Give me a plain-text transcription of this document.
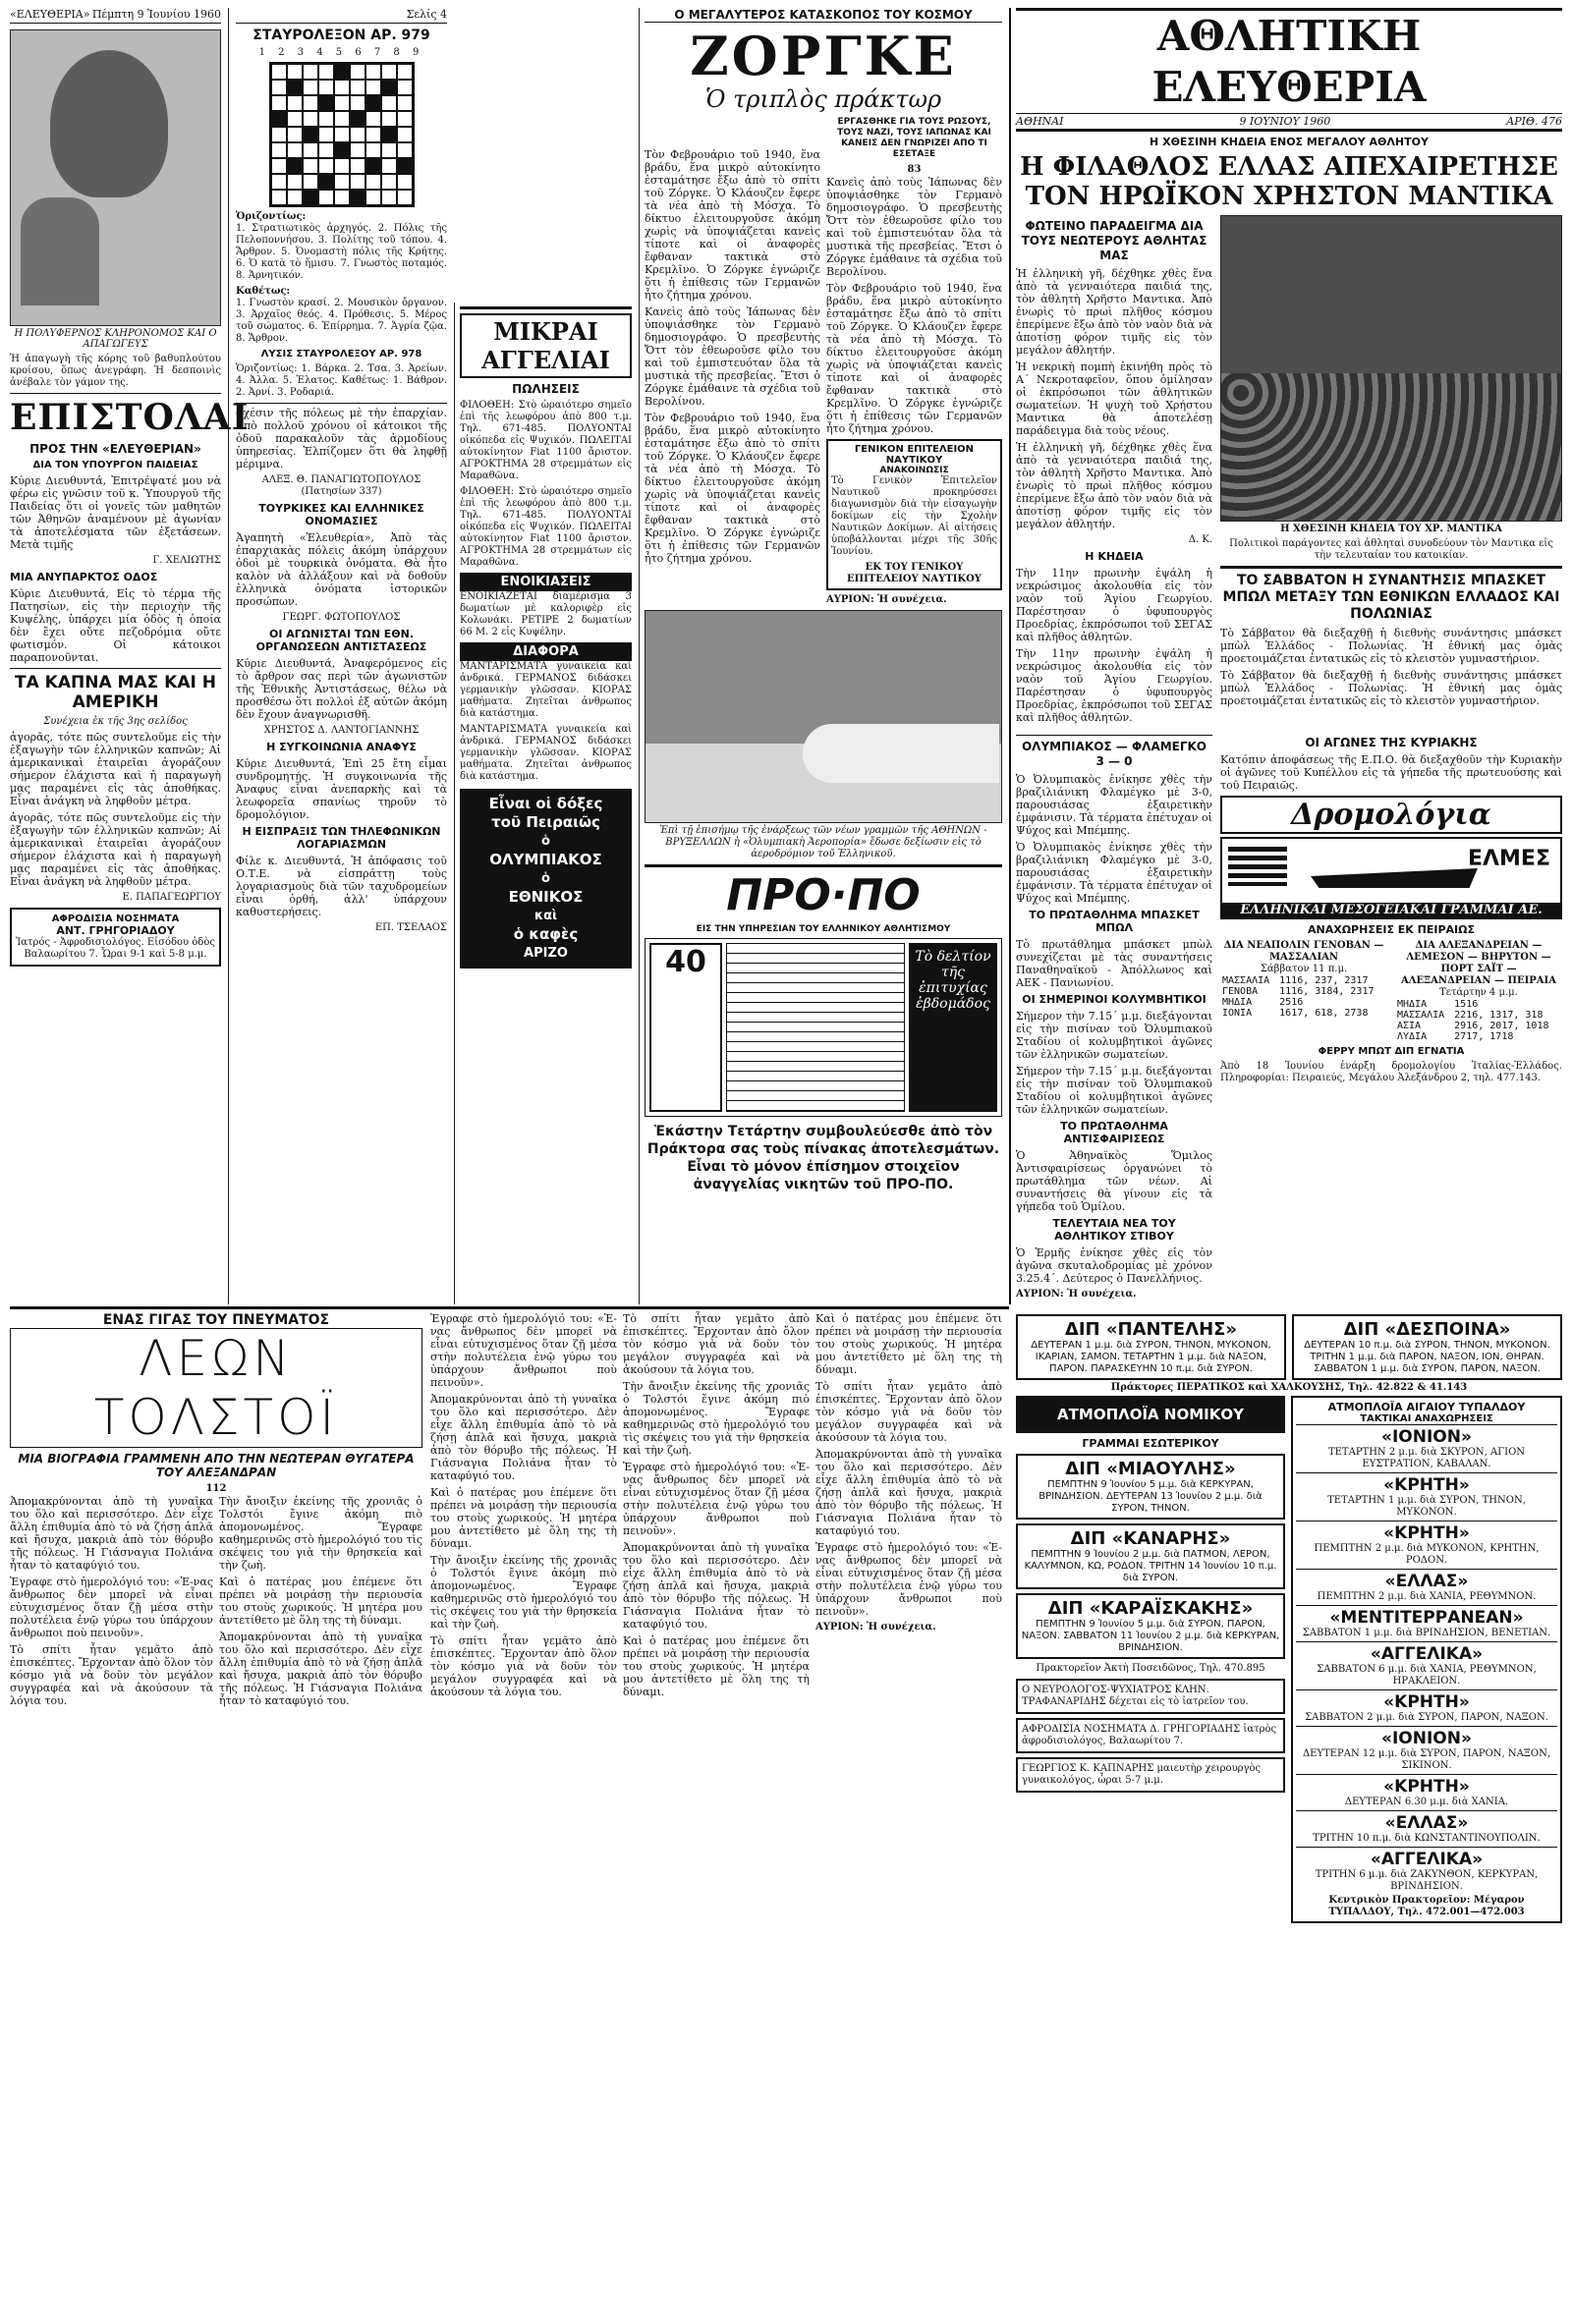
«ΕΛΕΥΘΕΡΙΑ» Πέμπτη 9 Ἰουνίου 1960
Η ΠΟΛΥΦΕΡΝΟΣ ΚΛΗΡΟΝΟΜΟΣ ΚΑΙ Ο ΑΠΑΓΩΓΕΥΣ

Ἡ ἀπαγωγὴ τῆς κόρης τοῦ βαθυπλούτου κροίσου, ὅπως ἀνεγράφη. Ἡ δεσποινὶς ἀνέβαλε τὸν γάμον της.

ΕΠΙΣΤΟΛΑΙ
ΠΡΟΣ ΤΗΝ «ΕΛΕΥΘΕΡΙΑΝ»
ΔΙΑ ΤΟΝ ΥΠΟΥΡΓΟΝ ΠΑΙΔΕΙΑΣ

Κύριε Διευθυντά, Ἐπιτρέψατέ μου νὰ φέρω εἰς γνῶσιν τοῦ κ. Ὑπουργοῦ τῆς Παιδείας ὅτι οἱ γονεῖς τῶν μαθητῶν τῶν Ἀθηνῶν ἀναμένουν μὲ ἀγωνίαν τὰ ἀποτελέσματα τῶν ἐξετάσεων. Μετὰ τιμῆς

Γ. ΧΕΛΙΩΤΗΣ

ΜΙΑ ΑΝΥΠΑΡΚΤΟΣ ΟΔΟΣ

Κύριε Διευθυντά, Εἰς τὸ τέρμα τῆς Πατησίων, εἰς τὴν περιοχὴν τῆς Κυψέλης, ὑπάρχει μία ὁδὸς ἡ ὁποία δὲν ἔχει οὔτε πεζοδρόμια οὔτε φωτισμόν. Οἱ κάτοικοι παραπονοῦνται.

ΤΑ ΚΑΠΝΑ ΜΑΣ ΚΑΙ Η ΑΜΕΡΙΚΗ
Συνέχεια ἐκ τῆς 3ης σελίδος

ἀγορᾶς, τότε πῶς συντελοῦμε εἰς τὴν ἐξαγωγὴν τῶν ἑλληνικῶν καπνῶν; Αἱ ἀμερικανικαὶ ἑταιρεῖαι ἀγοράζουν σήμερον ἐλάχιστα καὶ ἡ παραγωγὴ μας παραμένει εἰς τὰς ἀποθήκας. Εἶναι ἀνάγκη νὰ ληφθοῦν μέτρα.

ἀγορᾶς, τότε πῶς συντελοῦμε εἰς τὴν ἐξαγωγὴν τῶν ἑλληνικῶν καπνῶν; Αἱ ἀμερικανικαὶ ἑταιρεῖαι ἀγοράζουν σήμερον ἐλάχιστα καὶ ἡ παραγωγὴ μας παραμένει εἰς τὰς ἀποθήκας. Εἶναι ἀνάγκη νὰ ληφθοῦν μέτρα.

Ε. ΠΑΠΑΓΕΩΡΓΙΟΥ

ΑΦΡΟΔΙΣΙΑ ΝΟΣΗΜΑΤΑ
ΑΝΤ. ΓΡΗΓΟΡΙΑΔΟΥ
Ἰατρός - Ἀφροδισιολόγος. Εἰσόδου ὁδὸς Βαλαωρίτου 7. Ὧραι 9-1 καὶ 5-8 μ.μ.
Σελίς 4
ΣΤΑΥΡΟΛΕΞΟΝ ΑΡ. 979
1 2 3 4 5 6 7 8 9
Ὁριζοντίως:

1. Στρατιωτικὸς ἀρχηγός. 2. Πόλις τῆς Πελοποννήσου. 3. Πολίτης τοῦ τόπου. 4. Ἄρθρον. 5. Ὀνομαστὴ πόλις τῆς Κρήτης. 6. Ὁ κατὰ τὸ ἥμισυ. 7. Γνωστὸς ποταμός. 8. Ἀρνητικόν.

Καθέτως:

1. Γνωστὸν κρασί. 2. Μουσικὸν ὄργανον. 3. Ἀρχαῖος θεός. 4. Πρόθεσις. 5. Μέρος τοῦ σώματος. 6. Ἐπίρρημα. 7. Ἀγρία ζῷα. 8. Ἄρθρον.

ΛΥΣΙΣ ΣΤΑΥΡΟΛΕΞΟΥ ΑΡ. 978

Ὁριζοντίως: 1. Βάρκα. 2. Τσα. 3. Ἀρείων. 4. Ἀλλα. 5. Ἐλατος. Καθέτως: 1. Βάθρον. 2. Ἀρνί. 3. Ροδαριά.

σχέσιν τῆς πόλεως μὲ τὴν ἐπαρχίαν. Ἀπὸ πολλοῦ χρόνου οἱ κάτοικοι τῆς ὁδοῦ παρακαλοῦν τὰς ἀρμοδίους ὑπηρεσίας. Ἐλπίζομεν ὅτι θὰ ληφθῇ μέριμνα.

ΑΛΕΞ. Θ. ΠΑΝΑΓΙΩΤΟΠΟΥΛΟΣ (Πατησίων 337)

ΤΟΥΡΚΙΚΕΣ ΚΑΙ ΕΛΛΗΝΙΚΕΣ ΟΝΟΜΑΣΙΕΣ

Ἀγαπητὴ «Ἐλευθερία», Ἀπὸ τὰς ἐπαρχιακὰς πόλεις ἀκόμη ὑπάρχουν ὁδοὶ μὲ τουρκικὰ ὀνόματα. Θὰ ἦτο καλὸν νὰ ἀλλάξουν καὶ νὰ δοθοῦν ἑλληνικὰ ὀνόματα ἱστορικῶν προσώπων.

ΓΕΩΡΓ. ΦΩΤΟΠΟΥΛΟΣ

ΟΙ ΑΓΩΝΙΣΤΑΙ ΤΩΝ ΕΘΝ. ΟΡΓΑΝΩΣΕΩΝ ΑΝΤΙΣΤΑΣΕΩΣ

Κύριε Διευθυντά, Ἀναφερόμενος εἰς τὸ ἄρθρον σας περὶ τῶν ἀγωνιστῶν τῆς Ἐθνικῆς Ἀντιστάσεως, θέλω νὰ προσθέσω ὅτι πολλοὶ ἐξ αὐτῶν ἀκόμη δὲν ἔχουν ἀναγνωρισθῆ.

ΧΡΗΣΤΟΣ Δ. ΛΑΝΤΟΓΙΑΝΝΗΣ

Η ΣΥΓΚΟΙΝΩΝΙΑ ΑΝΑΦΥΣ

Κύριε Διευθυντά, Ἐπὶ 25 ἔτη εἶμαι συνδρομητής. Ἡ συγκοινωνία τῆς Ἀναφυς εἶναι ἀνεπαρκὴς καὶ τὰ λεωφορεῖα σπανίως τηροῦν τὸ δρομολόγιον.

Η ΕΙΣΠΡΑΞΙΣ ΤΩΝ ΤΗΛΕΦΩΝΙΚΩΝ ΛΟΓΑΡΙΑΣΜΩΝ

Φίλε κ. Διευθυντά, Ἡ ἀπόφασις τοῦ Ο.Τ.Ε. νὰ εἰσπράττῃ τοὺς λογαριασμοὺς διὰ τῶν ταχυδρομείων εἶναι ὀρθή, ἀλλ' ὑπάρχουν καθυστερήσεις.

ΕΠ. ΤΣΕΛΑΟΣ

ΜΙΚΡΑΙ ΑΓΓΕΛΙΑΙ
ΠΩΛΗΣΕΙΣ

ΦΙΛΟΘΕΗ: Στὸ ὡραιότερο σημεῖο ἐπὶ τῆς λεωφόρου ἀπὸ 800 τ.μ. Τηλ. 671-485. ΠΟΛΥΟΝΤΑΙ οἰκόπεδα εἰς Ψυχικόν. ΠΩΛΕΙΤΑΙ αὐτοκίνητον Fiat 1100 ἄριστον. ΑΓΡΟΚΤΗΜΑ 28 στρεμμάτων εἰς Μαραθῶνα.

ΦΙΛΟΘΕΗ: Στὸ ὡραιότερο σημεῖο ἐπὶ τῆς λεωφόρου ἀπὸ 800 τ.μ. Τηλ. 671-485. ΠΟΛΥΟΝΤΑΙ οἰκόπεδα εἰς Ψυχικόν. ΠΩΛΕΙΤΑΙ αὐτοκίνητον Fiat 1100 ἄριστον. ΑΓΡΟΚΤΗΜΑ 28 στρεμμάτων εἰς Μαραθῶνα.

ΕΝΟΙΚΙΑΣΕΙΣ

ΕΝΟΙΚΙΑΖΕΤΑΙ διαμέρισμα 3 δωματίων μὲ καλοριφὲρ εἰς Κολωνάκι. ΡΕΤΙΡΕ 2 δωματίων 66 Μ. 2 εἰς Κυψέλην.

ΔΙΑΦΟΡΑ

ΜΑΝΤΑΡΙΣΜΑΤΑ γυναικεία καὶ ἀνδρικά. ΓΕΡΜΑΝΟΣ διδάσκει γερμανικὴν γλῶσσαν. ΚΙΟΡΑΣ μαθήματα. Ζητεῖται ἀνθρωπος διὰ κατάστημα.

ΜΑΝΤΑΡΙΣΜΑΤΑ γυναικεία καὶ ἀνδρικά. ΓΕΡΜΑΝΟΣ διδάσκει γερμανικὴν γλῶσσαν. ΚΙΟΡΑΣ μαθήματα. Ζητεῖται ἀνθρωπος διὰ κατάστημα.

Εἶναι οἱ δόξες
τοῦ Πειραιῶς
ὁ
ΟΛΥΜΠΙΑΚΟΣ
ὁ
ΕΘΝΙΚΟΣ
καὶ
ὁ καφὲς
ΑΡΙΖΟ
Ο ΜΕΓΑΛΥΤΕΡΟΣ ΚΑΤΑΣΚΟΠΟΣ ΤΟΥ ΚΟΣΜΟΥ
ΖΟΡΓΚΕ
Ὁ τριπλὸς πράκτωρ

Τὸν Φεβρουάριο τοῦ 1940, ἕνα βράδυ, ἕνα μικρὸ αὐτοκίνητο ἐσταμάτησε ἔξω ἀπὸ τὸ σπίτι τοῦ Ζόργκε. Ὁ Κλάουζεν ἔφερε τὰ νέα ἀπὸ τὴ Μόσχα. Τὸ δίκτυο ἐλειτουργοῦσε ἀκόμη χωρὶς νὰ ὑποψιάζεται κανεὶς τίποτε καὶ οἱ ἀναφορὲς ἔφθαναν τακτικὰ στὸ Κρεμλῖνο. Ὁ Ζόργκε ἐγνώριζε ὅτι ἡ ἐπίθεσις τῶν Γερμανῶν ἦτο ζήτημα χρόνου.

Κανεὶς ἀπὸ τοὺς Ἰάπωνας δὲν ὑποψιάσθηκε τὸν Γερμανὸ δημοσιογράφο. Ὁ πρεσβευτὴς Ὄττ τὸν ἐθεωροῦσε φίλο του καὶ τοῦ ἐμπιστευόταν ὅλα τὰ μυστικὰ τῆς πρεσβείας. Ἔτσι ὁ Ζόργκε ἐμάθαινε τὰ σχέδια τοῦ Βερολίνου.

Τὸν Φεβρουάριο τοῦ 1940, ἕνα βράδυ, ἕνα μικρὸ αὐτοκίνητο ἐσταμάτησε ἔξω ἀπὸ τὸ σπίτι τοῦ Ζόργκε. Ὁ Κλάουζεν ἔφερε τὰ νέα ἀπὸ τὴ Μόσχα. Τὸ δίκτυο ἐλειτουργοῦσε ἀκόμη χωρὶς νὰ ὑποψιάζεται κανεὶς τίποτε καὶ οἱ ἀναφορὲς ἔφθαναν τακτικὰ στὸ Κρεμλῖνο. Ὁ Ζόργκε ἐγνώριζε ὅτι ἡ ἐπίθεσις τῶν Γερμανῶν ἦτο ζήτημα χρόνου.

ΕΡΓΑΣΘΗΚΕ ΓΙΑ ΤΟΥΣ ΡΩΣΟΥΣ, ΤΟΥΣ ΝΑΖΙ, ΤΟΥΣ ΙΑΠΩΝΑΣ ΚΑΙ ΚΑΝΕΙΣ ΔΕΝ ΓΝΩΡΙΖΕΙ ΑΠΟ ΤΙ ΕΣΕΤΑΞΕ
83

Κανεὶς ἀπὸ τοὺς Ἰάπωνας δὲν ὑποψιάσθηκε τὸν Γερμανὸ δημοσιογράφο. Ὁ πρεσβευτὴς Ὄττ τὸν ἐθεωροῦσε φίλο του καὶ τοῦ ἐμπιστευόταν ὅλα τὰ μυστικὰ τῆς πρεσβείας. Ἔτσι ὁ Ζόργκε ἐμάθαινε τὰ σχέδια τοῦ Βερολίνου.

Τὸν Φεβρουάριο τοῦ 1940, ἕνα βράδυ, ἕνα μικρὸ αὐτοκίνητο ἐσταμάτησε ἔξω ἀπὸ τὸ σπίτι τοῦ Ζόργκε. Ὁ Κλάουζεν ἔφερε τὰ νέα ἀπὸ τὴ Μόσχα. Τὸ δίκτυο ἐλειτουργοῦσε ἀκόμη χωρὶς νὰ ὑποψιάζεται κανεὶς τίποτε καὶ οἱ ἀναφορὲς ἔφθαναν τακτικὰ στὸ Κρεμλῖνο. Ὁ Ζόργκε ἐγνώριζε ὅτι ἡ ἐπίθεσις τῶν Γερμανῶν ἦτο ζήτημα χρόνου.

ΓΕΝΙΚΟΝ ΕΠΙΤΕΛΕΙΟΝ ΝΑΥΤΙΚΟΥ
ΑΝΑΚΟΙΝΩΣΙΣ

Τὸ Γενικὸν Ἐπιτελεῖον Ναυτικοῦ προκηρύσσει διαγωνισμὸν διὰ τὴν εἰσαγωγὴν δοκίμων εἰς τὴν Σχολὴν Ναυτικῶν Δοκίμων. Αἱ αἰτήσεις ὑποβάλλονται μέχρι τῆς 30ῆς Ἰουνίου.

ΕΚ ΤΟΥ ΓΕΝΙΚΟΥ ΕΠΙΤΕΛΕΙΟΥ ΝΑΥΤΙΚΟΥ
ΑΥΡΙΟΝ: Ἡ συνέχεια.

Ἐπὶ τῇ ἐπισήμῳ τῆς ἐνάρξεως τῶν νέων γραμμῶν τῆς ΑΘΗΝΩΝ - ΒΡΥΞΕΛΛΩΝ ἡ «Ὀλυμπιακὴ Ἀεροπορία» ἔδωσε δεξίωσιν εἰς τὸ ἀεροδρόμιον τοῦ Ἑλληνικοῦ.

ΠΡΟ·ΠΟ
ΕΙΣ ΤΗΝ ΥΠΗΡΕΣΙΑΝ ΤΟΥ ΕΛΛΗΝΙΚΟΥ ΑΘΛΗΤΙΣΜΟΥ
40	Τὸ δελτίον τῆς ἐπιτυχίας ἑβδομάδος
Ἑκάστην Τετάρτην συμβουλεύεσθε ἀπὸ τὸν Πράκτορα σας τοὺς πίνακας ἀποτελεσμάτων. Εἶναι τὸ μόνον ἐπίσημον στοιχεῖον ἀναγγελίας νικητῶν τοῦ ΠΡΟ-ΠΟ.
ΑΘΛΗΤΙΚΗ ΕΛΕΥΘΕΡΙΑ
ΑΘΗΝΑΙ	9 ΙΟΥΝΙΟΥ 1960	ΑΡΙΘ. 476
Η ΧΘΕΣΙΝΗ ΚΗΔΕΙΑ ΕΝΟΣ ΜΕΓΑΛΟΥ ΑΘΛΗΤΟΥ
Η ΦΙΛΑΘΛΟΣ ΕΛΛΑΣ ΑΠΕΧΑΙΡΕΤΗΣΕ ΤΟΝ ΗΡΩΪΚΟΝ ΧΡΗΣΤΟΝ ΜΑΝΤΙΚΑ
ΦΩΤΕΙΝΟ ΠΑΡΑΔΕΙΓΜΑ ΔΙΑ ΤΟΥΣ ΝΕΩΤΕΡΟΥΣ ΑΘΛΗΤΑΣ ΜΑΣ

Ἡ ἑλληνικὴ γῆ, δέχθηκε χθὲς ἕνα ἀπὸ τὰ γενναιότερα παιδιά της, τὸν ἀθλητὴ Χρῆστο Μαντικα. Ἀπὸ ἐνωρὶς τὸ πρωὶ πλῆθος κόσμου ἐπερίμενε ἔξω ἀπὸ τὸν ναὸν διὰ νὰ ἀποτίσῃ φόρον τιμῆς εἰς τὸν μεγάλον ἀθλητήν.

Ἡ νεκρικὴ πομπὴ ἐκινήθη πρὸς τὸ Α΄ Νεκροταφεῖον, ὅπου ὁμίλησαν οἱ ἐκπρόσωποι τῶν ἀθλητικῶν σωματείων. Ἡ ψυχὴ τοῦ Χρήστου Μαντικα θὰ ἀποτελέσῃ παράδειγμα διὰ τοὺς νέους.

Ἡ ἑλληνικὴ γῆ, δέχθηκε χθὲς ἕνα ἀπὸ τὰ γενναιότερα παιδιά της, τὸν ἀθλητὴ Χρῆστο Μαντικα. Ἀπὸ ἐνωρὶς τὸ πρωὶ πλῆθος κόσμου ἐπερίμενε ἔξω ἀπὸ τὸν ναὸν διὰ νὰ ἀποτίσῃ φόρον τιμῆς εἰς τὸν μεγάλον ἀθλητήν.

Δ. Κ.

Η ΚΗΔΕΙΑ

Τὴν 11ην πρωινὴν ἐψάλη ἡ νεκρώσιμος ἀκολουθία εἰς τὸν ναὸν τοῦ Ἁγίου Γεωργίου. Παρέστησαν ὁ ὑφυπουργὸς Προεδρίας, ἐκπρόσωποι τοῦ ΣΕΓΑΣ καὶ πλῆθος ἀθλητῶν.

Τὴν 11ην πρωινὴν ἐψάλη ἡ νεκρώσιμος ἀκολουθία εἰς τὸν ναὸν τοῦ Ἁγίου Γεωργίου. Παρέστησαν ὁ ὑφυπουργὸς Προεδρίας, ἐκπρόσωποι τοῦ ΣΕΓΑΣ καὶ πλῆθος ἀθλητῶν.

Η ΧΘΕΣΙΝΗ ΚΗΔΕΙΑ ΤΟΥ ΧΡ. ΜΑΝΤΙΚΑ

Πολιτικοὶ παράγοντες καὶ ἀθληταὶ συνοδεύουν τὸν Μαντικα εἰς τὴν τελευταίαν του κατοικίαν.

ΤΟ ΣΑΒΒΑΤΟΝ Η ΣΥΝΑΝΤΗΣΙΣ ΜΠΑΣΚΕΤ ΜΠΩΛ ΜΕΤΑΞΥ ΤΩΝ ΕΘΝΙΚΩΝ ΕΛΛΑΔΟΣ ΚΑΙ ΠΟΛΩΝΙΑΣ

Τὸ Σάββατον θὰ διεξαχθῇ ἡ διεθνὴς συνάντησις μπάσκετ μπὼλ Ἑλλάδος - Πολωνίας. Ἡ ἐθνική μας ὁμὰς προετοιμάζεται ἐντατικῶς εἰς τὸ κλειστὸν γυμναστήριον.

Τὸ Σάββατον θὰ διεξαχθῇ ἡ διεθνὴς συνάντησις μπάσκετ μπὼλ Ἑλλάδος - Πολωνίας. Ἡ ἐθνική μας ὁμὰς προετοιμάζεται ἐντατικῶς εἰς τὸ κλειστὸν γυμναστήριον.

ΟΛΥΜΠΙΑΚΟΣ — ΦΛΑΜΕΓΚΟ 3 — 0

Ὁ Ὀλυμπιακὸς ἐνίκησε χθὲς τὴν βραζιλιάνικη Φλαμέγκο μὲ 3-0, παρουσιάσας ἐξαιρετικὴν ἐμφάνισιν. Τὰ τέρματα ἐπέτυχαν οἱ Ψύχος καὶ Μπέμπης.

Ὁ Ὀλυμπιακὸς ἐνίκησε χθὲς τὴν βραζιλιάνικη Φλαμέγκο μὲ 3-0, παρουσιάσας ἐξαιρετικὴν ἐμφάνισιν. Τὰ τέρματα ἐπέτυχαν οἱ Ψύχος καὶ Μπέμπης.

ΤΟ ΠΡΩΤΑΘΛΗΜΑ ΜΠΑΣΚΕΤ ΜΠΩΛ

Τὸ πρωτάθλημα μπάσκετ μπὼλ συνεχίζεται μὲ τὰς συναντήσεις Παναθηναϊκοῦ - Ἀπόλλωνος καὶ ΑΕΚ - Πανιωνίου.

ΟΙ ΣΗΜΕΡΙΝΟΙ ΚΟΛΥΜΒΗΤΙΚΟΙ

Σήμερον τὴν 7.15΄ μ.μ. διεξάγονται εἰς τὴν πισίναν τοῦ Ὀλυμπιακοῦ Σταδίου οἱ κολυμβητικοὶ ἀγῶνες τῶν ἑλληνικῶν σωματείων.

Σήμερον τὴν 7.15΄ μ.μ. διεξάγονται εἰς τὴν πισίναν τοῦ Ὀλυμπιακοῦ Σταδίου οἱ κολυμβητικοὶ ἀγῶνες τῶν ἑλληνικῶν σωματείων.

ΤΟ ΠΡΩΤΑΘΛΗΜΑ ΑΝΤΙΣΦΑΙΡΙΣΕΩΣ

Ὁ Ἀθηναϊκὸς Ὅμιλος Ἀντισφαιρίσεως ὀργανώνει τὸ πρωτάθλημα τῶν νέων. Αἱ συναντήσεις θὰ γίνουν εἰς τὰ γήπεδα τοῦ Ὁμίλου.

ΤΕΛΕΥΤΑΙΑ ΝΕΑ ΤΟΥ ΑΘΛΗΤΙΚΟΥ ΣΤΙΒΟΥ

Ὁ Ἑρμῆς ἐνίκησε χθὲς εἰς τὸν ἀγῶνα σκυταλοδρομίας μὲ χρόνον 3.25.4΄. Δεύτερος ὁ Πανελλήνιος.

ΑΥΡΙΟΝ: Ἡ συνέχεια.
ΟΙ ΑΓΩΝΕΣ ΤΗΣ ΚΥΡΙΑΚΗΣ

Κατόπιν ἀποφάσεως τῆς Ε.Π.Ο. θὰ διεξαχθοῦν τὴν Κυριακὴν οἱ ἀγῶνες τοῦ Κυπέλλου εἰς τὰ γήπεδα τῆς πρωτευούσης καὶ τοῦ Πειραιῶς.

Δρομολόγια
ΕΛΜΕΣ
ΕΛΛΗΝΙΚΑΙ ΜΕΣΟΓΕΙΑΚΑΙ ΓΡΑΜΜΑΙ ΑΕ.
ΑΝΑΧΩΡΗΣΕΙΣ ΕΚ ΠΕΙΡΑΙΩΣ
ΔΙΑ ΝΕΑΠΟΛΙΝ ΓΕΝΟΒΑΝ — ΜΑΣΣΑΛΙΑΝ
Σάββατον 11 π.μ.
ΜΑΣΣΑΛΙΑ	1116, 237, 2317
ΓΕΝΟΒΑ	1116, 3184, 2317
ΜΗΔΙΑ	2516
ΙΟΝΙΑ	1617, 618, 2738
ΔΙΑ ΑΛΕΞΑΝΔΡΕΙΑΝ — ΛΕΜΕΣΟΝ — ΒΗΡΥΤΟΝ — ΠΟΡΤ ΣΑΪΤ — ΑΛΕΞΑΝΔΡΕΙΑΝ — ΠΕΙΡΑΙΑ
Τετάρτην 4 μ.μ.
ΜΗΔΙΑ	1516
ΜΑΣΣΑΛΙΑ	2216, 1317, 318
ΑΣΙΑ	2916, 2017, 1018
ΛΥΔΙΑ	2717, 1718
ΦΕΡΡΥ ΜΠΩΤ ΔΙΠ ΕΓΝΑΤΙΑ

Ἀπὸ 18 Ἰουνίου ἐνάρξη δρομολογίου Ἰταλίας-Ἑλλάδος. Πληροφορίαι: Πειραιεύς, Μεγάλου Ἀλεξάνδρου 2, τηλ. 477.143.

ΔΙΠ «ΠΑΝΤΕΛΗΣ»
ΔΕΥΤΕΡΑΝ 1 μ.μ. διὰ ΣΥΡΟΝ, ΤΗΝΟΝ, ΜΥΚΟΝΟΝ, ΙΚΑΡΙΑΝ, ΣΑΜΟΝ. ΤΕΤΑΡΤΗΝ 1 μ.μ. διὰ ΝΑΞΟΝ, ΠΑΡΟΝ. ΠΑΡΑΣΚΕΥΗΝ 10 π.μ. διὰ ΣΥΡΟΝ.
ΔΙΠ «ΔΕΣΠΟΙΝΑ»
ΔΕΥΤΕΡΑΝ 10 π.μ. διὰ ΣΥΡΟΝ, ΤΗΝΟΝ, ΜΥΚΟΝΟΝ. ΤΡΙΤΗΝ 1 μ.μ. διὰ ΠΑΡΟΝ, ΝΑΞΟΝ, ΙΟΝ, ΘΗΡΑΝ. ΣΑΒΒΑΤΟΝ 1 μ.μ. διὰ ΣΥΡΟΝ, ΠΑΡΟΝ, ΝΑΞΟΝ.
Πράκτορες ΠΕΡΑΤΙΚΟΣ καὶ ΧΑΛΚΟΥΣΗΣ, Τηλ. 42.822 & 41.143
ΑΤΜΟΠΛΟΪΑ ΝΟΜΙΚΟΥ
ΓΡΑΜΜΑΙ ΕΣΩΤΕΡΙΚΟΥ
ΔΙΠ «ΜΙΑΟΥΛΗΣ»
ΠΕΜΠΤΗΝ 9 Ἰουνίου 5 μ.μ. διὰ ΚΕΡΚΥΡΑΝ, ΒΡΙΝΔΗΣΙΟΝ. ΔΕΥΤΕΡΑΝ 13 Ἰουνίου 2 μ.μ. διὰ ΣΥΡΟΝ, ΤΗΝΟΝ.
ΔΙΠ «ΚΑΝΑΡΗΣ»
ΠΕΜΠΤΗΝ 9 Ἰουνίου 2 μ.μ. διὰ ΠΑΤΜΟΝ, ΛΕΡΟΝ, ΚΑΛΥΜΝΟΝ, ΚΩ, ΡΟΔΟΝ. ΤΡΙΤΗΝ 14 Ἰουνίου 10 π.μ. διὰ ΣΥΡΟΝ.
ΔΙΠ «ΚΑΡΑΪΣΚΑΚΗΣ»
ΠΕΜΠΤΗΝ 9 Ἰουνίου 5 μ.μ. διὰ ΣΥΡΟΝ, ΠΑΡΟΝ, ΝΑΞΟΝ. ΣΑΒΒΑΤΟΝ 11 Ἰουνίου 2 μ.μ. διὰ ΚΕΡΚΥΡΑΝ, ΒΡΙΝΔΗΣΙΟΝ.
Πρακτορεῖον Ἀκτὴ Ποσειδῶνος, Τηλ. 470.895
Ο ΝΕΥΡΟΛΟΓΟΣ-ΨΥΧΙΑΤΡΟΣ ΚΛΗΝ. ΤΡΑΦΑΝΑΡΙΔΗΣ δέχεται εἰς τὸ ἰατρεῖον του.
ΑΦΡΟΔΙΣΙΑ ΝΟΣΗΜΑΤΑ Δ. ΓΡΗΓΟΡΙΑΔΗΣ ἰατρὸς ἀφροδισιολόγος, Βαλαωρίτου 7.
ΓΕΩΡΓΙΟΣ Κ. ΚΑΠΝΑΡΗΣ μαιευτὴρ χειρουργὸς γυναικολόγος, ὧραι 5-7 μ.μ.
ΑΤΜΟΠΛΟΪΑ ΑΙΓΑΙΟΥ ΤΥΠΑΛΔΟΥ
ΤΑΚΤΙΚΑΙ ΑΝΑΧΩΡΗΣΕΙΣ
«ΙΟΝΙΟΝ»
ΤΕΤΑΡΤΗΝ 2 μ.μ. διὰ ΣΚΥΡΟΝ, ΑΓΙΟΝ ΕΥΣΤΡΑΤΙΟΝ, ΚΑΒΑΛΑΝ.
«ΚΡΗΤΗ»
ΤΕΤΑΡΤΗΝ 1 μ.μ. διὰ ΣΥΡΟΝ, ΤΗΝΟΝ, ΜΥΚΟΝΟΝ.
«ΚΡΗΤΗ»
ΠΕΜΠΤΗΝ 2 μ.μ. διὰ ΜΥΚΟΝΟΝ, ΚΡΗΤΗΝ, ΡΟΔΟΝ.
«ΕΛΛΑΣ»
ΠΕΜΠΤΗΝ 2 μ.μ. διὰ ΧΑΝΙΑ, ΡΕΘΥΜΝΟΝ.
«ΜΕΝΤΙΤΕΡΡΑΝΕΑΝ»
ΣΑΒΒΑΤΟΝ 1 μ.μ. διὰ ΒΡΙΝΔΗΣΙΟΝ, ΒΕΝΕΤΙΑΝ.
«ΑΓΓΕΛΙΚΑ»
ΣΑΒΒΑΤΟΝ 6 μ.μ. διὰ ΧΑΝΙΑ, ΡΕΘΥΜΝΟΝ, ΗΡΑΚΛΕΙΟΝ.
«ΚΡΗΤΗ»
ΣΑΒΒΑΤΟΝ 2 μ.μ. διὰ ΣΥΡΟΝ, ΠΑΡΟΝ, ΝΑΞΟΝ.
«ΙΟΝΙΟΝ»
ΔΕΥΤΕΡΑΝ 12 μ.μ. διὰ ΣΥΡΟΝ, ΠΑΡΟΝ, ΝΑΞΟΝ, ΣΙΚΙΝΟΝ.
«ΚΡΗΤΗ»
ΔΕΥΤΕΡΑΝ 6.30 μ.μ. διὰ ΧΑΝΙΑ.
«ΕΛΛΑΣ»
ΤΡΙΤΗΝ 10 π.μ. διὰ ΚΩΝΣΤΑΝΤΙΝΟΥΠΟΛΙΝ.
«ΑΓΓΕΛΙΚΑ»
ΤΡΙΤΗΝ 6 μ.μ. διὰ ΖΑΚΥΝΘΟΝ, ΚΕΡΚΥΡΑΝ, ΒΡΙΝΔΗΣΙΟΝ.
Κεντρικὸν Πρακτορεῖον: Μέγαρον ΤΥΠΑΛΔΟΥ, Τηλ. 472.001—472.003
ΕΝΑΣ ΓΙΓΑΣ ΤΟΥ ΠΝΕΥΜΑΤΟΣ
ΛΕΩΝ ΤΟΛΣΤΟΪ
ΜΙΑ ΒΙΟΓΡΑΦΙΑ ΓΡΑΜΜΕΝΗ ΑΠΟ ΤΗΝ ΝΕΩΤΕΡΑΝ ΘΥΓΑΤΕΡΑ ΤΟΥ ΑΛΕΞΑΝΔΡΑΝ
112

Ἀπομακρύνονται ἀπὸ τὴ γυναῖκα του ὅλο καὶ περισσότερο. Δὲν εἶχε ἄλλη ἐπιθυμία ἀπὸ τὸ νὰ ζήσῃ ἁπλᾶ καὶ ἤσυχα, μακριὰ ἀπὸ τὸν θόρυβο τῆς πόλεως. Ἡ Γιάσναγια Πολιάνα ἦταν τὸ καταφύγιό του.

Ἐγραφε στὸ ἡμερολόγιό του: «Ἐ-νας ἄνθρωπος δὲν μπορεῖ νὰ εἶναι εὐτυχισμένος ὅταν ζῇ μέσα στὴν πολυτέλεια ἐνῷ γύρω του ὑπάρχουν ἄνθρωποι ποὺ πεινοῦν».

Τὸ σπίτι ἦταν γεμᾶτο ἀπὸ ἐπισκέπτες. Ἔρχονταν ἀπὸ ὅλον τὸν κόσμο γιὰ νὰ δοῦν τὸν μεγάλον συγγραφέα καὶ νὰ ἀκούσουν τὰ λόγια του.

Τὴν ἄνοιξιν ἐκείνης τῆς χρονιᾶς ὁ Τολστόι ἔγινε ἀκόμη πιὸ ἀπομονωμένος. Ἔγραφε καθημερινῶς στὸ ἡμερολόγιό του τὶς σκέψεις του γιὰ τὴν θρησκεία καὶ τὴν ζωὴ.

Καὶ ὁ πατέρας μου ἐπέμενε ὅτι πρέπει νὰ μοιράσῃ τὴν περιουσία του στοὺς χωρικούς. Ἡ μητέρα μου ἀντετίθετο μὲ ὅλη της τὴ δύναμι.

Ἀπομακρύνονται ἀπὸ τὴ γυναῖκα του ὅλο καὶ περισσότερο. Δὲν εἶχε ἄλλη ἐπιθυμία ἀπὸ τὸ νὰ ζήσῃ ἁπλᾶ καὶ ἤσυχα, μακριὰ ἀπὸ τὸν θόρυβο τῆς πόλεως. Ἡ Γιάσναγια Πολιάνα ἦταν τὸ καταφύγιό του.

Ἐγραφε στὸ ἡμερολόγιό του: «Ἐ-νας ἄνθρωπος δὲν μπορεῖ νὰ εἶναι εὐτυχισμένος ὅταν ζῇ μέσα στὴν πολυτέλεια ἐνῷ γύρω του ὑπάρχουν ἄνθρωποι ποὺ πεινοῦν».

Ἀπομακρύνονται ἀπὸ τὴ γυναῖκα του ὅλο καὶ περισσότερο. Δὲν εἶχε ἄλλη ἐπιθυμία ἀπὸ τὸ νὰ ζήσῃ ἁπλᾶ καὶ ἤσυχα, μακριὰ ἀπὸ τὸν θόρυβο τῆς πόλεως. Ἡ Γιάσναγια Πολιάνα ἦταν τὸ καταφύγιό του.

Καὶ ὁ πατέρας μου ἐπέμενε ὅτι πρέπει νὰ μοιράσῃ τὴν περιουσία του στοὺς χωρικούς. Ἡ μητέρα μου ἀντετίθετο μὲ ὅλη της τὴ δύναμι.

Τὴν ἄνοιξιν ἐκείνης τῆς χρονιᾶς ὁ Τολστόι ἔγινε ἀκόμη πιὸ ἀπομονωμένος. Ἔγραφε καθημερινῶς στὸ ἡμερολόγιό του τὶς σκέψεις του γιὰ τὴν θρησκεία καὶ τὴν ζωὴ.

Τὸ σπίτι ἦταν γεμᾶτο ἀπὸ ἐπισκέπτες. Ἔρχονταν ἀπὸ ὅλον τὸν κόσμο γιὰ νὰ δοῦν τὸν μεγάλον συγγραφέα καὶ νὰ ἀκούσουν τὰ λόγια του.

Τὸ σπίτι ἦταν γεμᾶτο ἀπὸ ἐπισκέπτες. Ἔρχονταν ἀπὸ ὅλον τὸν κόσμο γιὰ νὰ δοῦν τὸν μεγάλον συγγραφέα καὶ νὰ ἀκούσουν τὰ λόγια του.

Τὴν ἄνοιξιν ἐκείνης τῆς χρονιᾶς ὁ Τολστόι ἔγινε ἀκόμη πιὸ ἀπομονωμένος. Ἔγραφε καθημερινῶς στὸ ἡμερολόγιό του τὶς σκέψεις του γιὰ τὴν θρησκεία καὶ τὴν ζωὴ.

Ἐγραφε στὸ ἡμερολόγιό του: «Ἐ-νας ἄνθρωπος δὲν μπορεῖ νὰ εἶναι εὐτυχισμένος ὅταν ζῇ μέσα στὴν πολυτέλεια ἐνῷ γύρω του ὑπάρχουν ἄνθρωποι ποὺ πεινοῦν».

Ἀπομακρύνονται ἀπὸ τὴ γυναῖκα του ὅλο καὶ περισσότερο. Δὲν εἶχε ἄλλη ἐπιθυμία ἀπὸ τὸ νὰ ζήσῃ ἁπλᾶ καὶ ἤσυχα, μακριὰ ἀπὸ τὸν θόρυβο τῆς πόλεως. Ἡ Γιάσναγια Πολιάνα ἦταν τὸ καταφύγιό του.

Καὶ ὁ πατέρας μου ἐπέμενε ὅτι πρέπει νὰ μοιράσῃ τὴν περιουσία του στοὺς χωρικούς. Ἡ μητέρα μου ἀντετίθετο μὲ ὅλη της τὴ δύναμι.

Καὶ ὁ πατέρας μου ἐπέμενε ὅτι πρέπει νὰ μοιράσῃ τὴν περιουσία του στοὺς χωρικούς. Ἡ μητέρα μου ἀντετίθετο μὲ ὅλη της τὴ δύναμι.

Τὸ σπίτι ἦταν γεμᾶτο ἀπὸ ἐπισκέπτες. Ἔρχονταν ἀπὸ ὅλον τὸν κόσμο γιὰ νὰ δοῦν τὸν μεγάλον συγγραφέα καὶ νὰ ἀκούσουν τὰ λόγια του.

Ἀπομακρύνονται ἀπὸ τὴ γυναῖκα του ὅλο καὶ περισσότερο. Δὲν εἶχε ἄλλη ἐπιθυμία ἀπὸ τὸ νὰ ζήσῃ ἁπλᾶ καὶ ἤσυχα, μακριὰ ἀπὸ τὸν θόρυβο τῆς πόλεως. Ἡ Γιάσναγια Πολιάνα ἦταν τὸ καταφύγιό του.

Ἐγραφε στὸ ἡμερολόγιό του: «Ἐ-νας ἄνθρωπος δὲν μπορεῖ νὰ εἶναι εὐτυχισμένος ὅταν ζῇ μέσα στὴν πολυτέλεια ἐνῷ γύρω του ὑπάρχουν ἄνθρωποι ποὺ πεινοῦν».

ΑΥΡΙΟΝ: Ἡ συνέχεια.
